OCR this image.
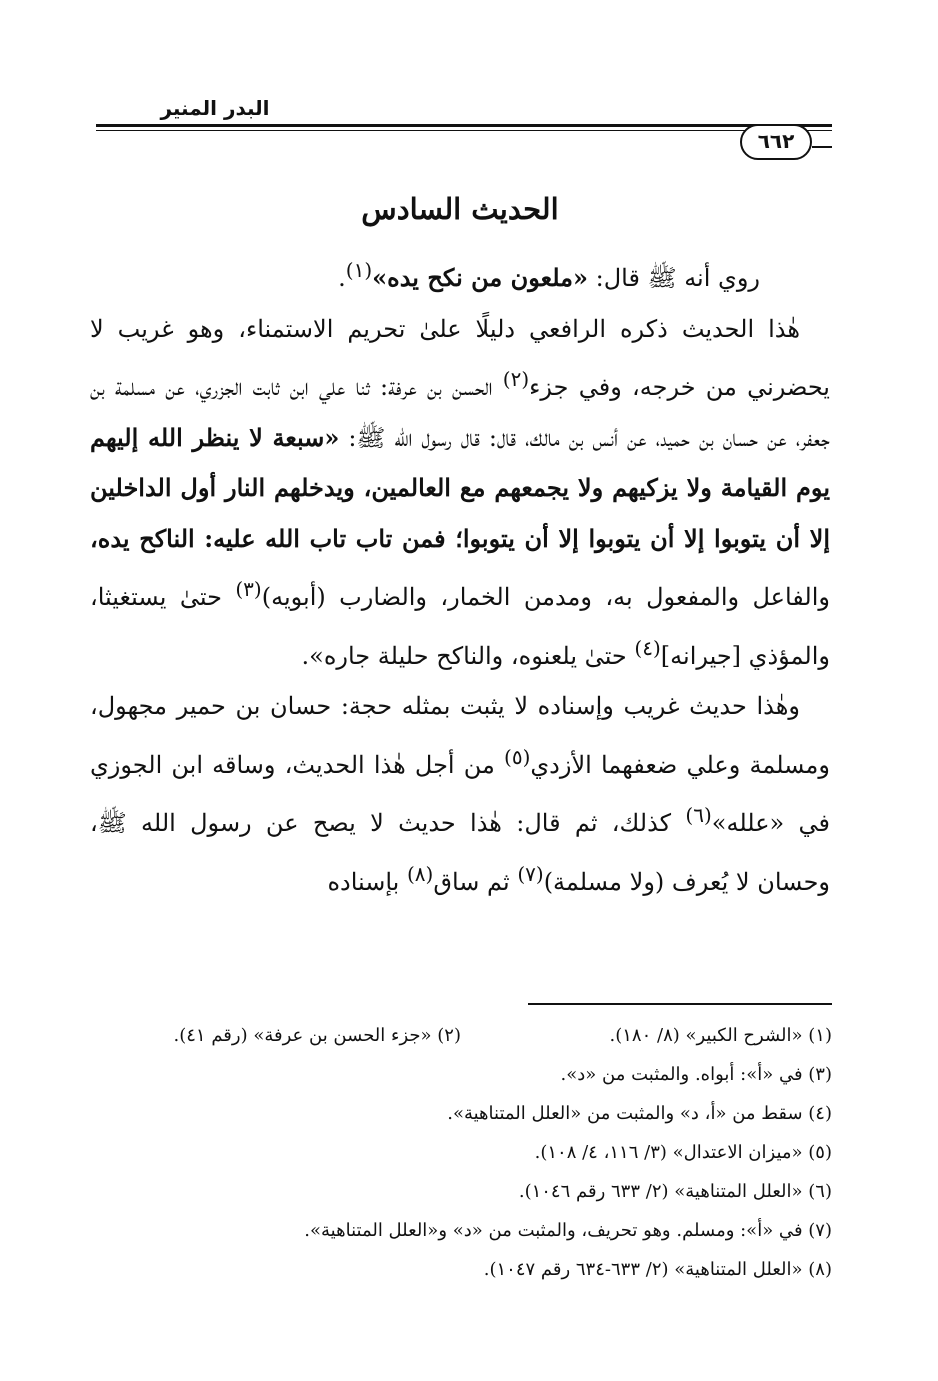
البدر المنير
٦٦٢
الحديث السادس

روي أنه ﷺ قال: «ملعون من نكح يده»$^{(١)}$.

هٰذا الحديث ذكره الرافعي دليلًا علىٰ تحريم الاستمناء، وهو غريب لا يحضرني من خرجه، وفي جزء$^{(٢)}$ الحسن بن عرفة: ثنا علي ابن ثابت الجزري، عن مسلمة بن جعفر، عن حسان بن حميد، عن أنس بن مالك، قال: قال رسول الله ﷺ: «سبعة لا ينظر الله إليهم يوم القيامة ولا يزكيهم ولا يجمعهم مع العالمين، ويدخلهم النار أول الداخلين إلا أن يتوبوا إلا أن يتوبوا إلا أن يتوبوا؛ فمن تاب تاب الله عليه: الناكح يده، والفاعل والمفعول به، ومدمن الخمار، والضارب (أبويه)$^{(٣)}$ حتىٰ يستغيثا، والمؤذي [جيرانه]$^{(٤)}$ حتىٰ يلعنوه، والناكح حليلة جاره».

وهٰذا حديث غريب وإسناده لا يثبت بمثله حجة: حسان بن حمير مجهول، ومسلمة وعلي ضعفهما الأزدي$^{(٥)}$ من أجل هٰذا الحديث، وساقه ابن الجوزي في «علله»$^{(٦)}$ كذلك، ثم قال: هٰذا حديث لا يصح عن رسول الله ﷺ، وحسان لا يُعرف (ولا مسلمة)$^{(٧)}$ ثم ساق$^{(٨)}$ بإسناده

(١) «الشرح الكبير» (٨/ ١٨٠).
(٢) «جزء الحسن بن عرفة» (رقم ٤١).
(٣) في «أ»: أبواه. والمثبت من «د».
(٤) سقط من «أ، د» والمثبت من «العلل المتناهية».
(٥) «ميزان الاعتدال» (٣/ ١١٦، ٤/ ١٠٨).
(٦) «العلل المتناهية» (٢/ ٦٣٣ رقم ١٠٤٦).
(٧) في «أ»: ومسلم. وهو تحريف، والمثبت من «د» و«العلل المتناهية».
(٨) «العلل المتناهية» (٢/ ٦٣٣-٦٣٤ رقم ١٠٤٧).
